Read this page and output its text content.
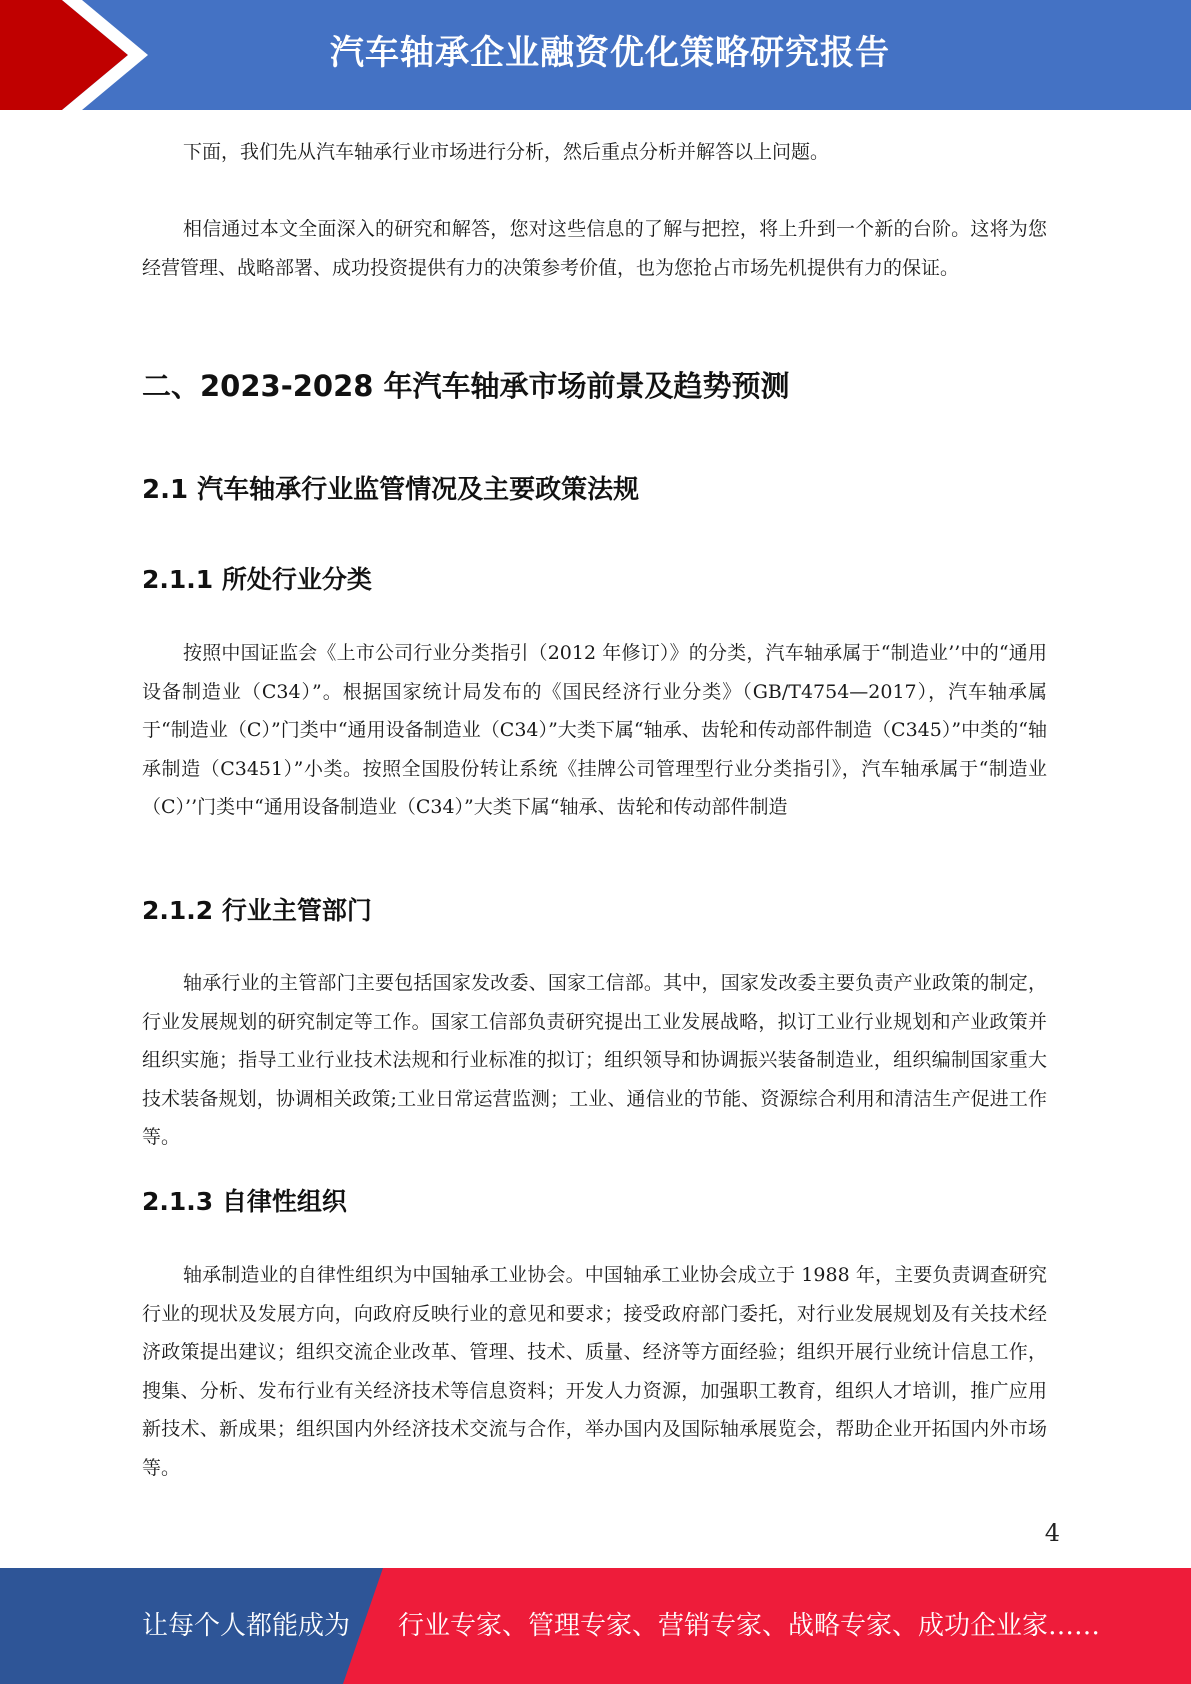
汽车轴承企业融资优化策略研究报告

下面，我们先从汽车轴承行业市场进行分析，然后重点分析并解答以上问题。

相信通过本文全面深入的研究和解答，您对这些信息的了解与把控，将上升到一个新的台阶。这将为您经营管理、战略部署、成功投资提供有力的决策参考价值，也为您抢占市场先机提供有力的保证。

二、2023-2028 年汽车轴承市场前景及趋势预测
2.1 汽车轴承行业监管情况及主要政策法规
2.1.1 所处行业分类

按照中国证监会《上市公司行业分类指引（2012 年修订）》的分类，汽车轴承属于“制造业’’中的“通用设备制造业（C34）”。根据国家统计局发布的《国民经济行业分类》（GB/T4754—2017），汽车轴承属于“制造业（C）”门类中“通用设备制造业（C34）”大类下属“轴承、齿轮和传动部件制造（C345）”中类的“轴承制造（C3451）”小类。按照全国股份转让系统《挂牌公司管理型行业分类指引》，汽车轴承属于“制造业（C）’’门类中“通用设备制造业（C34）”大类下属“轴承、齿轮和传动部件制造

2.1.2 行业主管部门

轴承行业的主管部门主要包括国家发改委、国家工信部。其中，国家发改委主要负责产业政策的制定，行业发展规划的研究制定等工作。国家工信部负责研究提出工业发展战略，拟订工业行业规划和产业政策并组织实施；指导工业行业技术法规和行业标准的拟订；组织领导和协调振兴装备制造业，组织编制国家重大技术装备规划，协调相关政策;工业日常运营监测；工业、通信业的节能、资源综合利用和清洁生产促进工作等。

2.1.3 自律性组织

轴承制造业的自律性组织为中国轴承工业协会。中国轴承工业协会成立于 1988 年，主要负责调查研究行业的现状及发展方向，向政府反映行业的意见和要求；接受政府部门委托，对行业发展规划及有关技术经济政策提出建议；组织交流企业改革、管理、技术、质量、经济等方面经验；组织开展行业统计信息工作，搜集、分析、发布行业有关经济技术等信息资料；开发人力资源，加强职工教育，组织人才培训，推广应用新技术、新成果；组织国内外经济技术交流与合作，举办国内及国际轴承展览会，帮助企业开拓国内外市场等。

4
让每个人都能成为 行业专家、管理专家、营销专家、战略专家、成功企业家……
